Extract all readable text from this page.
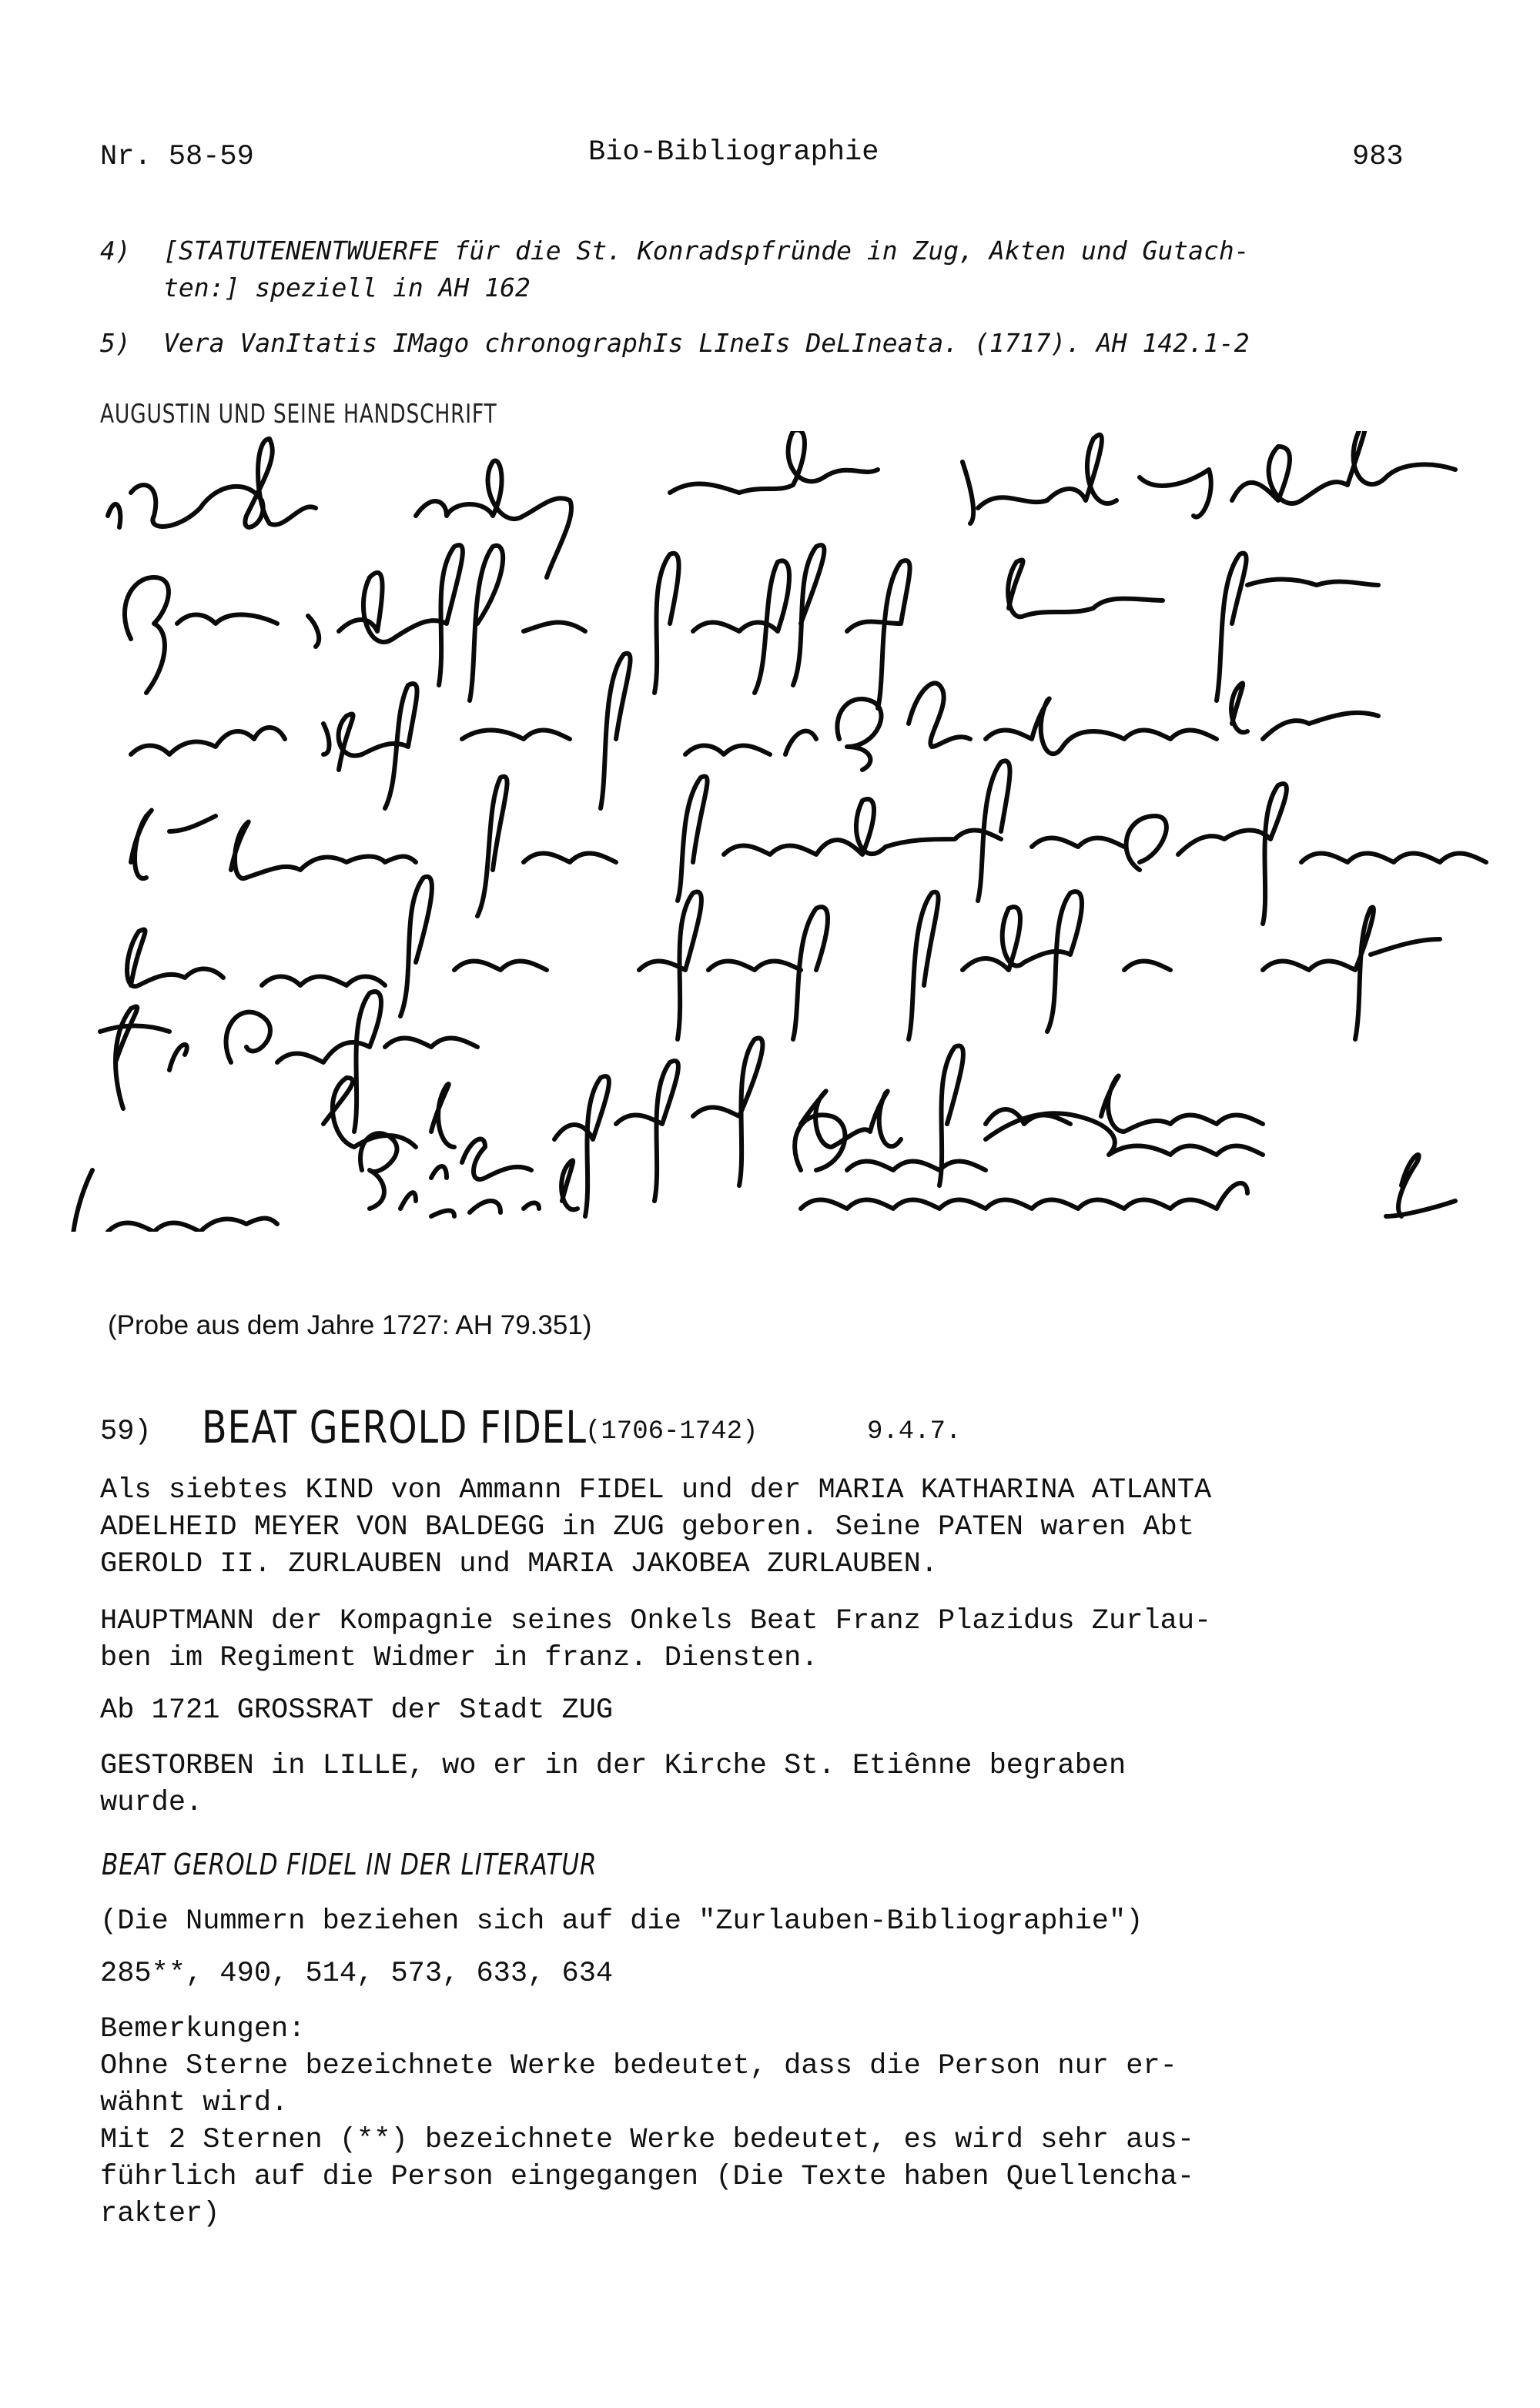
Nr. 58-59	Bio-Bibliographie	983
4) [STATUTENENTWUERFE für die St. Konradspfründe in Zug, Akten und Gutach-
ten:] speziell in AH 162
5) Vera VanItatis IMago chronographIs LIneIs DeLIneata. (1717). AH 142.1-2
AUGUSTIN UND SEINE HANDSCHRIFT
(Probe aus dem Jahre 1727: AH 79.351)
59) BEAT GEROLD FIDEL
(1706-1742)	9.4.7.
Als siebtes KIND von Ammann FIDEL und der MARIA KATHARINA ATLANTA
ADELHEID MEYER VON BALDEGG in ZUG geboren. Seine PATEN waren Abt
GEROLD II. ZURLAUBEN und MARIA JAKOBEA ZURLAUBEN.
HAUPTMANN der Kompagnie seines Onkels Beat Franz Plazidus Zurlau-
ben im Regiment Widmer in franz. Diensten.
Ab 1721 GROSSRAT der Stadt ZUG
GESTORBEN in LILLE, wo er in der Kirche St. Etiênne begraben
wurde.
BEAT GEROLD FIDEL IN DER LITERATUR
(Die Nummern beziehen sich auf die "Zurlauben-Bibliographie")
285**, 490, 514, 573, 633, 634
Bemerkungen:
Ohne Sterne bezeichnete Werke bedeutet, dass die Person nur er-
wähnt wird.
Mit 2 Sternen (**) bezeichnete Werke bedeutet, es wird sehr aus-
führlich auf die Person eingegangen (Die Texte haben Quellencha-
rakter)
